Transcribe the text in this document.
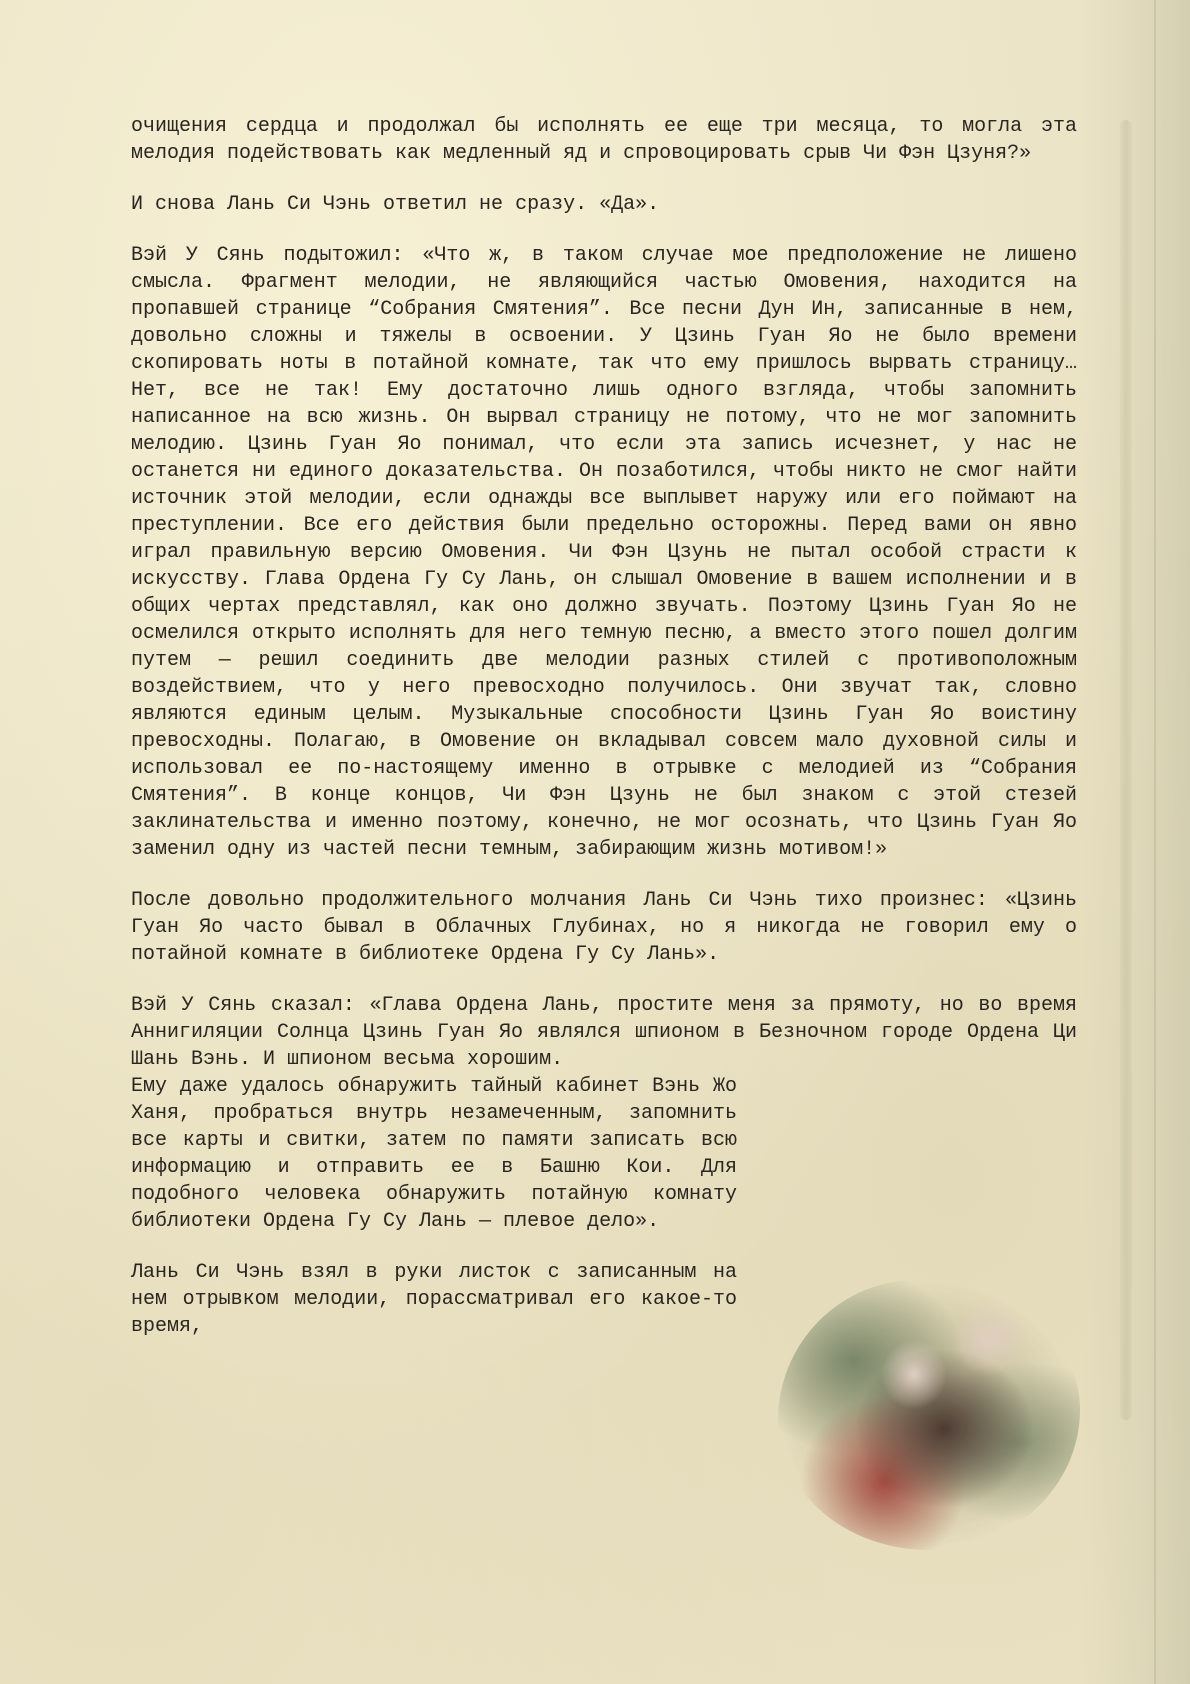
очищения сердца и продолжал бы исполнять ее еще три месяца, то могла эта мелодия подействовать как медленный яд и спровоцировать срыв Чи Фэн Цзуня?»

И снова Лань Си Чэнь ответил не сразу. «Да».

Вэй У Сянь подытожил: «Что ж, в таком случае мое предположение не лишено смысла. Фрагмент мелодии, не являющийся частью Омовения, находится на пропавшей странице “Собрания Смятения”. Все песни Дун Ин, записанные в нем, довольно сложны и тяжелы в освоении. У Цзинь Гуан Яо не было времени скопировать ноты в потайной комнате, так что ему пришлось вырвать страницу… Нет, все не так! Ему достаточно лишь одного взгляда, чтобы запомнить написанное на всю жизнь. Он вырвал страницу не потому, что не мог запомнить мелодию. Цзинь Гуан Яо понимал, что если эта запись исчезнет, у нас не останется ни единого доказательства. Он позаботился, чтобы никто не смог найти источник этой мелодии, если однажды все выплывет наружу или его поймают на преступлении. Все его действия были предельно осторожны. Перед вами он явно играл правильную версию Омовения. Чи Фэн Цзунь не пытал особой страсти к искусству. Глава Ордена Гу Су Лань, он слышал Омовение в вашем исполнении и в общих чертах представлял, как оно должно звучать. Поэтому Цзинь Гуан Яо не осмелился открыто исполнять для него темную песню, а вместо этого пошел долгим путем — решил соединить две мелодии разных стилей с противоположным воздействием, что у него превосходно получилось. Они звучат так, словно являются единым целым. Музыкальные способности Цзинь Гуан Яо воистину превосходны. Полагаю, в Омовение он вкладывал совсем мало духовной силы и использовал ее по-настоящему именно в отрывке с мелодией из “Собрания Смятения”. В конце концов, Чи Фэн Цзунь не был знаком с этой стезей заклинательства и именно поэтому, конечно, не мог осознать, что Цзинь Гуан Яо заменил одну из частей песни темным, забирающим жизнь мотивом!»

После довольно продолжительного молчания Лань Си Чэнь тихо произнес: «Цзинь Гуан Яо часто бывал в Облачных Глубинах, но я никогда не говорил ему о потайной комнате в библиотеке Ордена Гу Су Лань».

Вэй У Сянь сказал: «Глава Ордена Лань, простите меня за прямоту, но во время Аннигиляции Солнца Цзинь Гуан Яо являлся шпионом в Безночном городе Ордена Ци Шань Вэнь. И шпионом весьма хорошим.

Ему даже удалось обнаружить тайный кабинет Вэнь Жо Ханя, пробраться внутрь незамеченным, запомнить все карты и свитки, затем по памяти записать всю информацию и отправить ее в Башню Кои. Для подобного человека обнаружить потайную комнату библиотеки Ордена Гу Су Лань — плевое дело».

Лань Си Чэнь взял в руки листок с записанным на нем отрывком мелодии, порассматривал его какое-то время,
